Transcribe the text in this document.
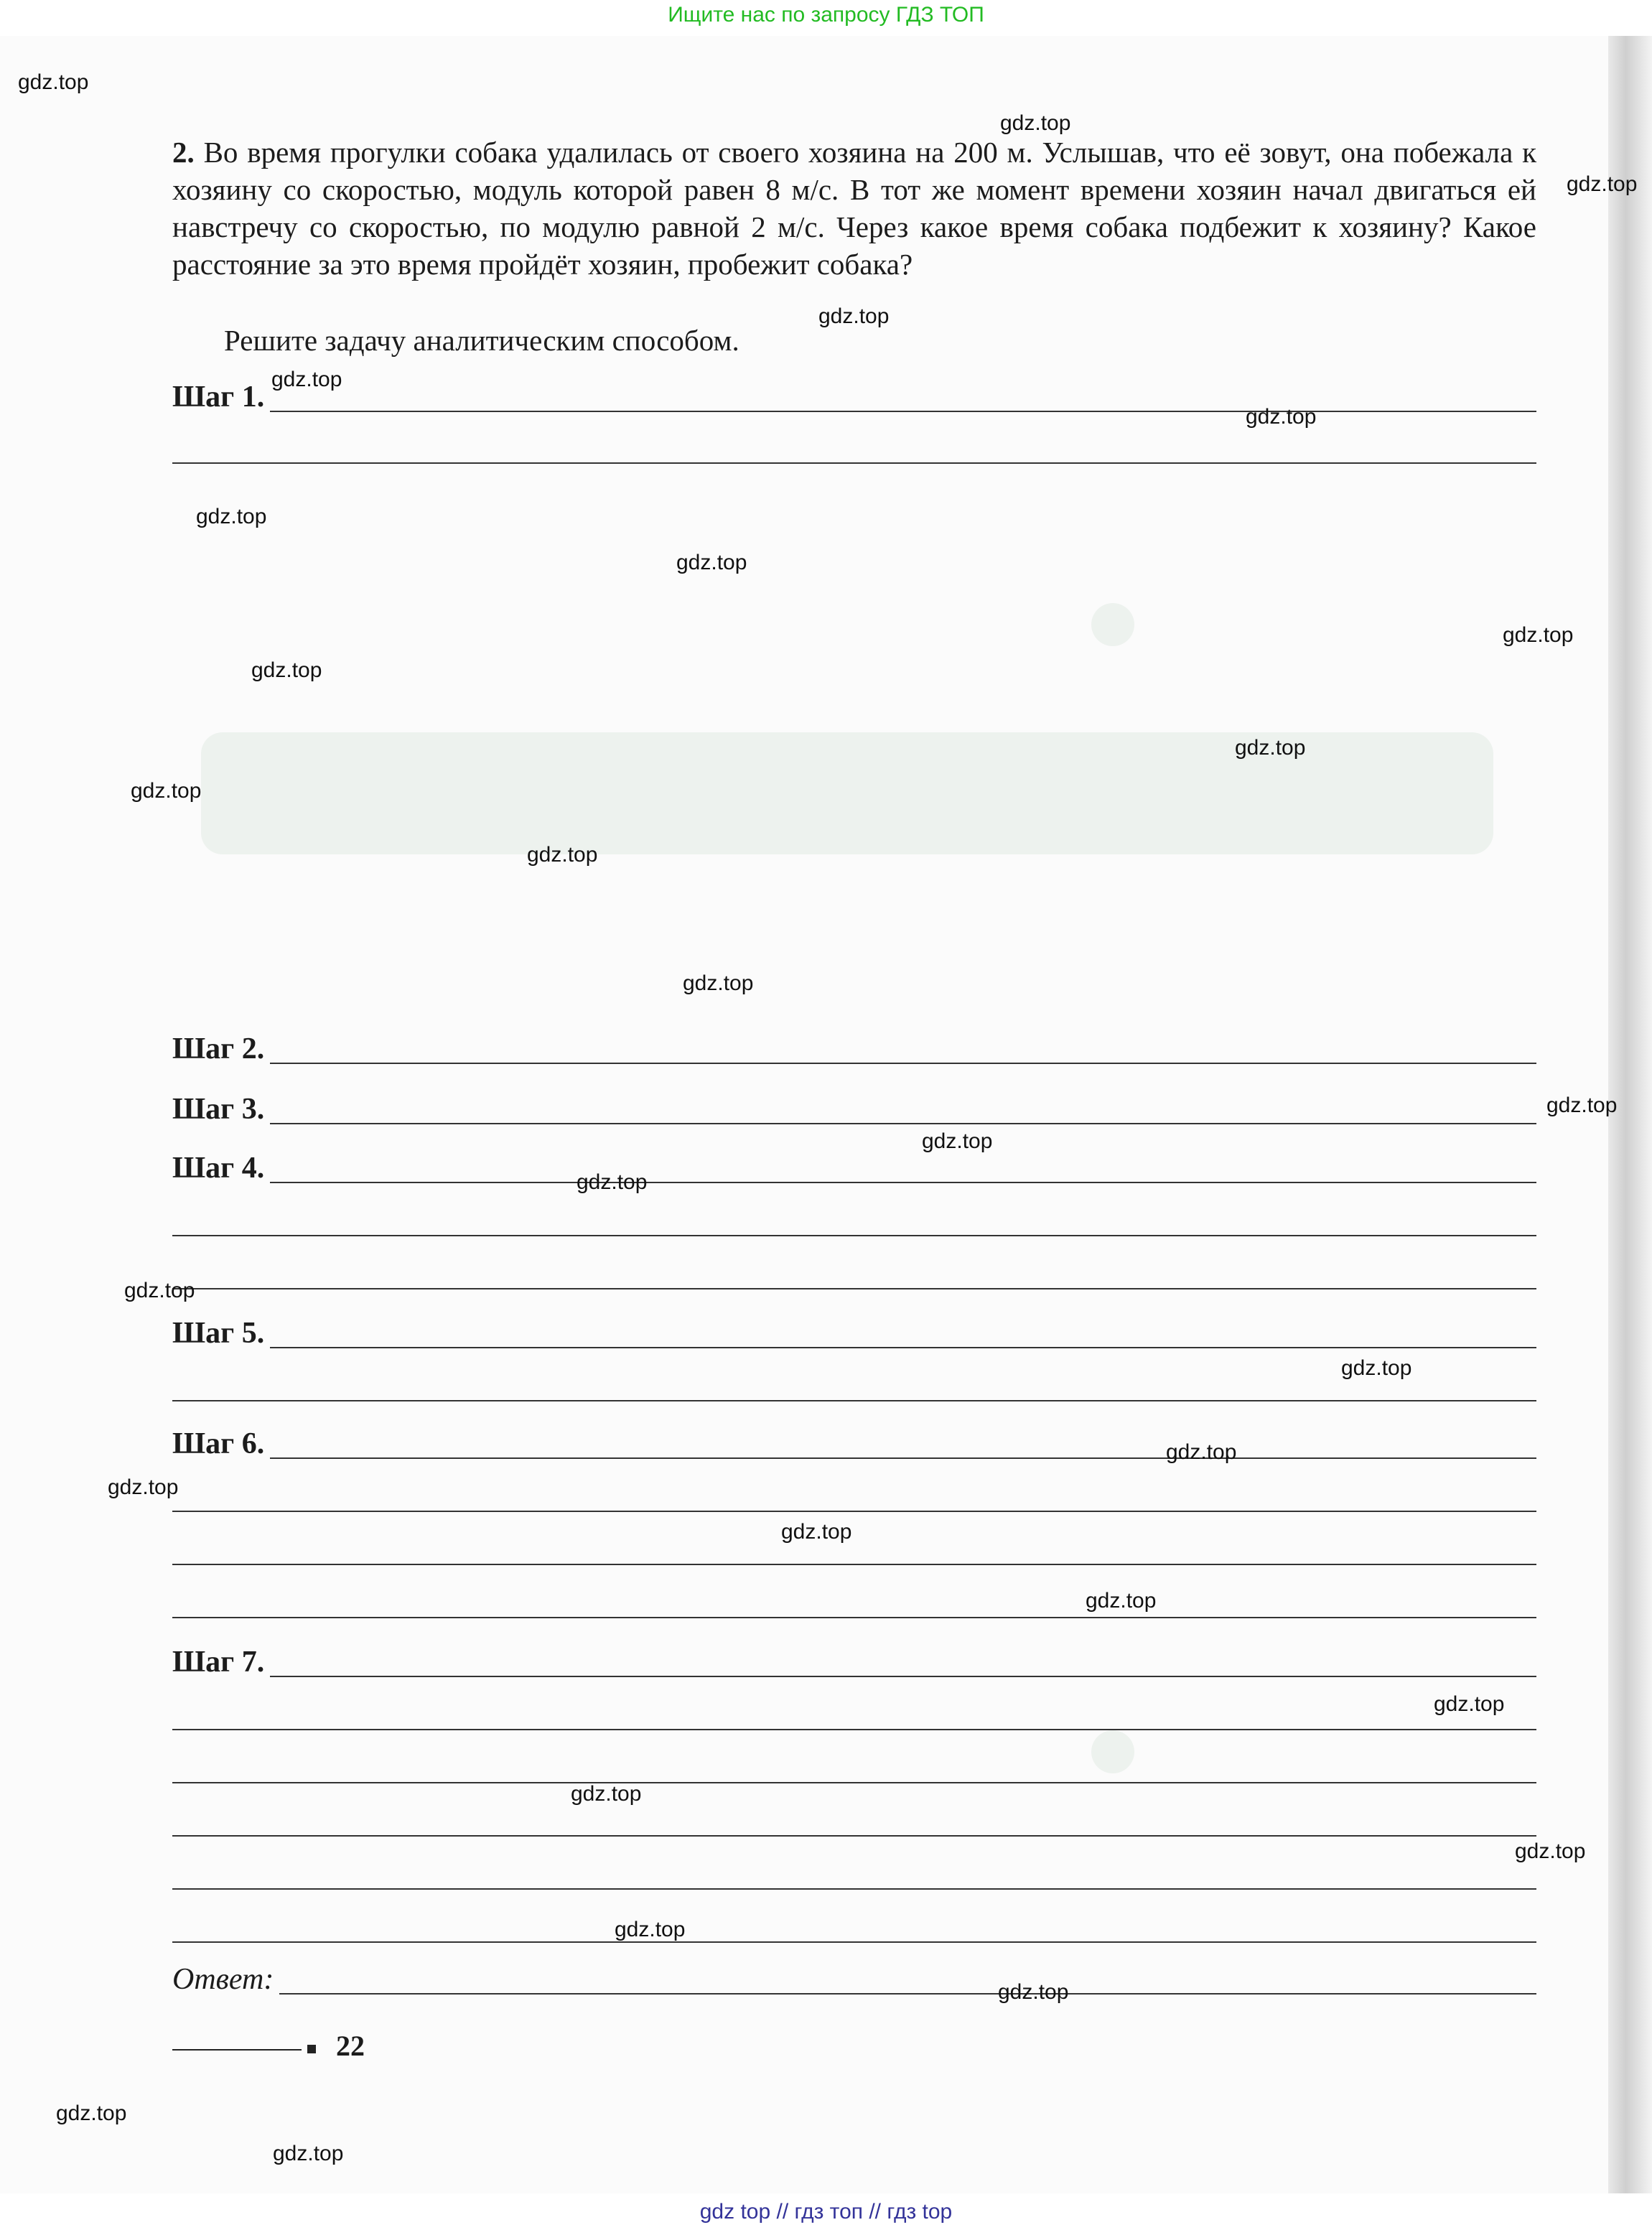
Ищите нас по запросу ГДЗ ТОП
2. Во время прогулки собака удалилась от своего хозяина на 200 м. Услышав, что её зовут, она побежала к хозяину со скоростью, модуль которой равен 8 м/с. В тот же момент времени хозяин начал двигаться ей навстречу со скоростью, по модулю равной 2 м/с. Через какое время собака подбежит к хозяину? Какое расстояние за это время пройдёт хозяин, пробежит собака?
Решите задачу аналитическим способом.
Шаг 1.
Шаг 2.
Шаг 3.
Шаг 4.
Шаг 5.
Шаг 6.
Шаг 7.
Ответ:
22
gdz.top
gdz.top
gdz.top
gdz.top
gdz.top
gdz.top
gdz.top
gdz.top
gdz.top
gdz.top
gdz.top
gdz.top
gdz.top
gdz.top
gdz.top
gdz.top
gdz.top
gdz.top
gdz.top
gdz.top
gdz.top
gdz.top
gdz.top
gdz.top
gdz.top
gdz.top
gdz.top
gdz.top
gdz.top
gdz.top
gdz top // гдз топ // гдз top
